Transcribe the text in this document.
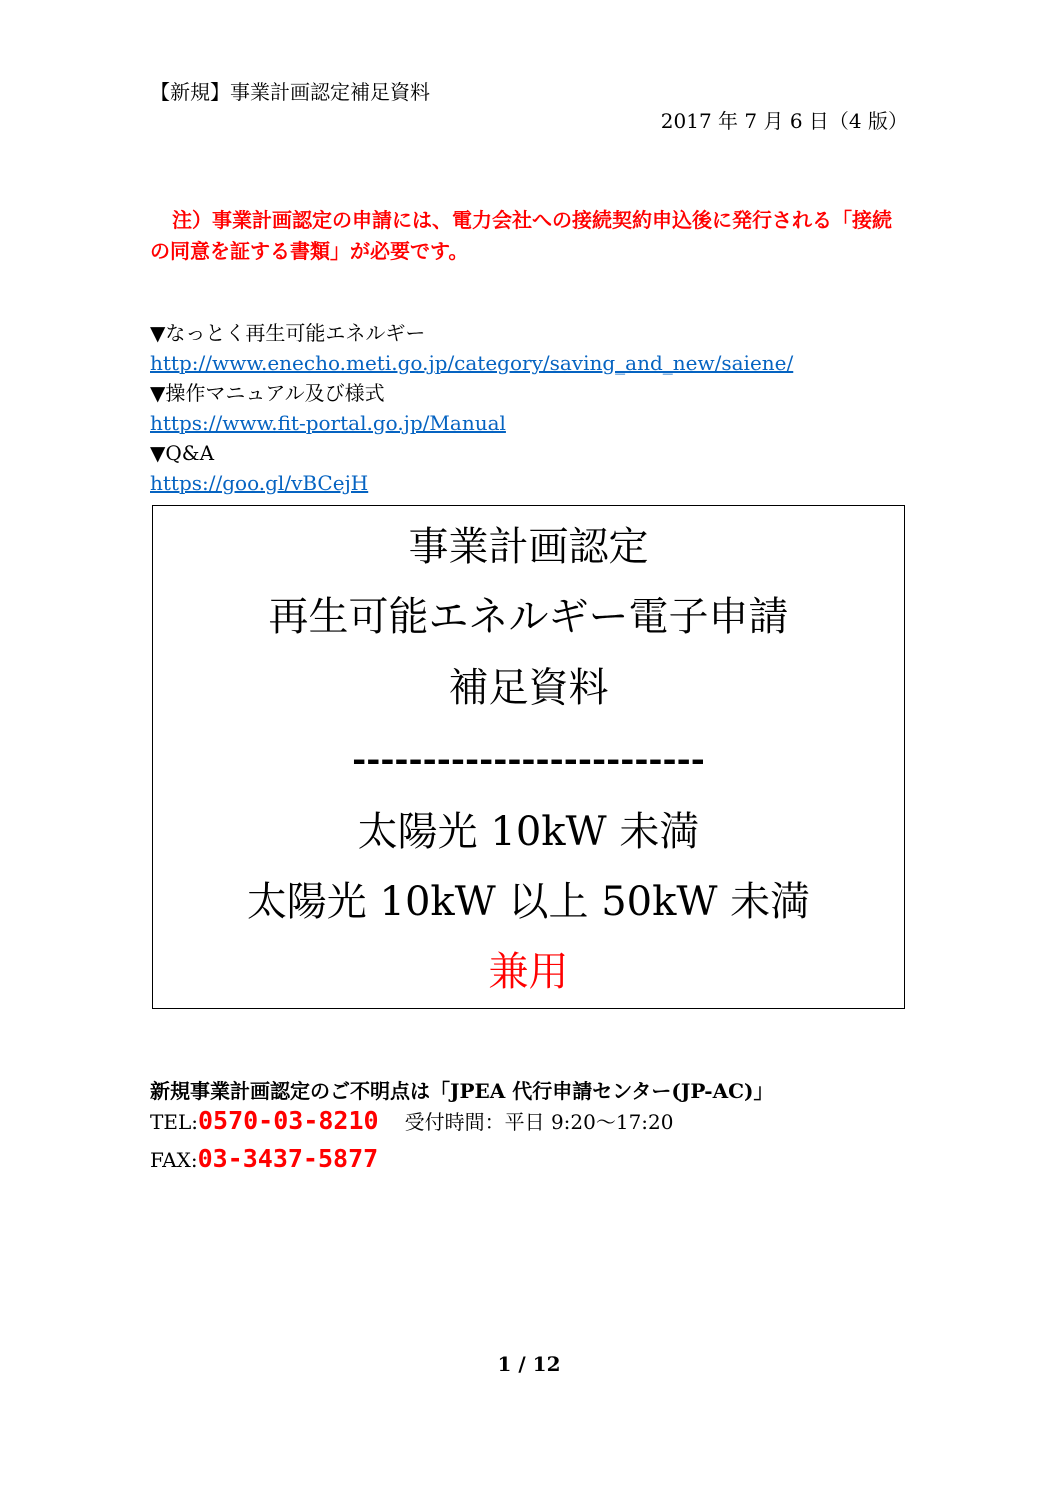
【新規】事業計画認定補足資料
2017 年 7 月 6 日（4 版）
注）事業計画認定の申請には、電力会社への接続契約申込後に発行される「接続の同意を証する書類」が必要です。
▼なっとく再生可能エネルギー
http://www.enecho.meti.go.jp/category/saving_and_new/saiene/
▼操作マニュアル及び様式
https://www.fit-portal.go.jp/Manual
▼Q&A
https://goo.gl/vBCejH
事業計画認定
再生可能エネルギー電子申請
補足資料
-------------------------
太陽光 10kW 未満
太陽光 10kW 以上 50kW 未満
兼用
新規事業計画認定のご不明点は「JPEA 代行申請センター(JP-AC)」
TEL:0570-03-8210 受付時間：平日 9:20～17:20
FAX:03-3437-5877
1 / 12
